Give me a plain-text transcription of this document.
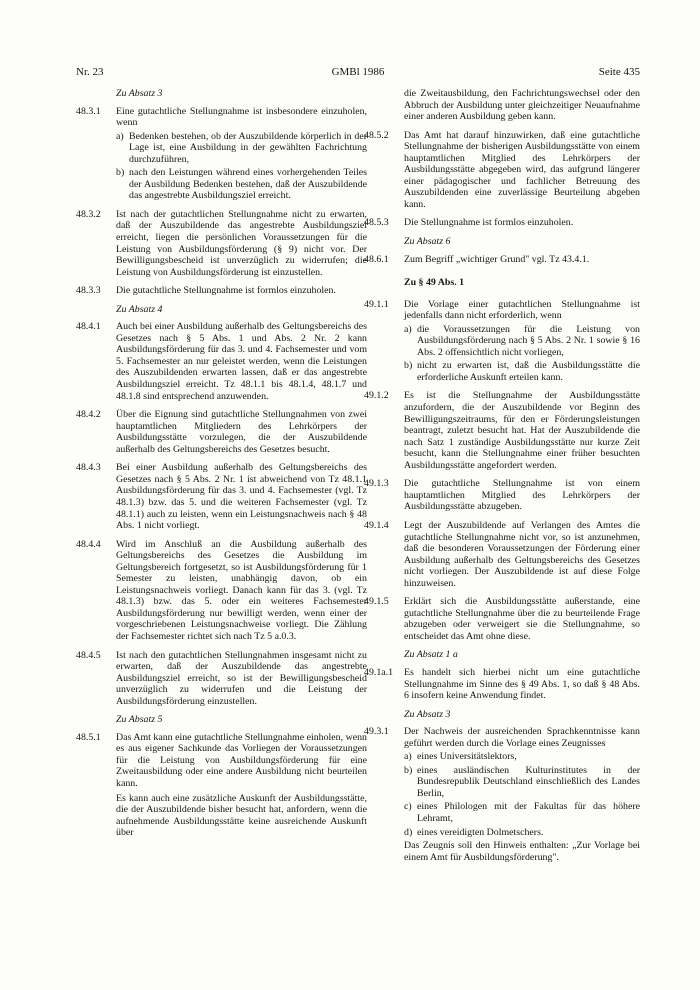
Nr. 23	GMBl 1986	Seite 435
Zu Absatz 3
48.3.1 Eine gutachtliche Stellungnahme ist insbesondere einzuholen, wenn

a) Bedenken bestehen, ob der Auszubildende körperlich in der Lage ist, eine Ausbildung in der gewählten Fachrichtung durchzuführen,
b) nach den Leistungen während eines vorhergehenden Teiles der Ausbildung Bedenken bestehen, daß der Auszubildende das angestrebte Ausbildungsziel erreicht.
48.3.2 Ist nach der gutachtlichen Stellungnahme nicht zu erwarten, daß der Auszubildende das angestrebte Ausbildungsziel erreicht, liegen die persönlichen Voraussetzungen für die Leistung von Ausbildungsförderung (§ 9) nicht vor. Der Bewilligungsbescheid ist unverzüglich zu widerrufen; die Leistung von Ausbildungsförderung ist einzustellen.

48.3.3 Die gutachtliche Stellungnahme ist formlos einzuholen.

Zu Absatz 4
48.4.1 Auch bei einer Ausbildung außerhalb des Geltungsbereichs des Gesetzes nach § 5 Abs. 1 und Abs. 2 Nr. 2 kann Ausbildungsförderung für das 3. und 4. Fachsemester und vom 5. Fachsemester an nur geleistet werden, wenn die Leistungen des Auszubildenden erwarten lassen, daß er das angestrebte Ausbildungsziel erreicht. Tz 48.1.1 bis 48.1.4, 48.1.7 und 48.1.8 sind entsprechend anzuwenden.

48.4.2 Über die Eignung sind gutachtliche Stellungnahmen von zwei hauptamtlichen Mitgliedern des Lehrkörpers der Ausbildungsstätte vorzulegen, die der Auszubildende außerhalb des Geltungsbereichs des Gesetzes besucht.

48.4.3 Bei einer Ausbildung außerhalb des Geltungsbereichs des Gesetzes nach § 5 Abs. 2 Nr. 1 ist abweichend von Tz 48.1.1 Ausbildungsförderung für das 3. und 4. Fachsemester (vgl. Tz 48.1.3) bzw. das 5. und die weiteren Fachsemester (vgl. Tz 48.1.1) auch zu leisten, wenn ein Leistungsnachweis nach § 48 Abs. 1 nicht vorliegt.

48.4.4 Wird im Anschluß an die Ausbildung außerhalb des Geltungsbereichs des Gesetzes die Ausbildung im Geltungsbereich fortgesetzt, so ist Ausbildungsförderung für 1 Semester zu leisten, unabhängig davon, ob ein Leistungsnachweis vorliegt. Danach kann für das 3. (vgl. Tz 48.1.3) bzw. das 5. oder ein weiteres Fachsemester Ausbildungsförderung nur bewilligt werden, wenn einer der vorgeschriebenen Leistungsnachweise vorliegt. Die Zählung der Fachsemester richtet sich nach Tz 5 a.0.3.

48.4.5 Ist nach den gutachtlichen Stellungnahmen insgesamt nicht zu erwarten, daß der Auszubildende das angestrebte Ausbildungsziel erreicht, so ist der Bewilligungsbescheid unverzüglich zu widerrufen und die Leistung der Ausbildungsförderung einzustellen.

Zu Absatz 5
48.5.1 Das Amt kann eine gutachtliche Stellungnahme einholen, wenn es aus eigener Sachkunde das Vorliegen der Voraussetzungen für die Leistung von Ausbildungsförderung für eine Zweitausbildung oder eine andere Ausbildung nicht beurteilen kann.

Es kann auch eine zusätzliche Auskunft der Ausbildungsstätte, die der Auszubildende bisher besucht hat, anfordern, wenn die aufnehmende Ausbildungsstätte keine ausreichende Auskunft über

die Zweitausbildung, den Fachrichtungswechsel oder den Abbruch der Ausbildung unter gleichzeitiger Neuaufnahme einer anderen Ausbildung geben kann.

48.5.2 Das Amt hat darauf hinzuwirken, daß eine gutachtliche Stellungnahme der bisherigen Ausbildungsstätte von einem hauptamtlichen Mitglied des Lehrkörpers der Ausbildungsstätte abgegeben wird, das aufgrund längerer einer pädagogischer und fachlicher Betreuung des Auszubildenden eine zuverlässige Beurteilung abgeben kann.

48.5.3 Die Stellungnahme ist formlos einzuholen.

Zu Absatz 6
48.6.1 Zum Begriff „wichtiger Grund" vgl. Tz 43.4.1.

Zu § 49 Abs. 1
49.1.1 Die Vorlage einer gutachtlichen Stellungnahme ist jedenfalls dann nicht erforderlich, wenn

a) die Voraussetzungen für die Leistung von Ausbildungsförderung nach § 5 Abs. 2 Nr. 1 sowie § 16 Abs. 2 offensichtlich nicht vorliegen,
b) nicht zu erwarten ist, daß die Ausbildungsstätte die erforderliche Auskunft erteilen kann.
49.1.2 Es ist die Stellungnahme der Ausbildungsstätte anzufordern, die der Auszubildende vor Beginn des Bewilligungszeitraums, für den er Förderungsleistungen beantragt, zuletzt besucht hat. Hat der Auszubildende die nach Satz 1 zuständige Ausbildungsstätte nur kurze Zeit besucht, kann die Stellungnahme einer früher besuchten Ausbildungsstätte angefordert werden.

49.1.3 Die gutachtliche Stellungnahme ist von einem hauptamtlichen Mitglied des Lehrkörpers der Ausbildungsstätte abzugeben.

49.1.4 Legt der Auszubildende auf Verlangen des Amtes die gutachtliche Stellungnahme nicht vor, so ist anzunehmen, daß die besonderen Voraussetzungen der Förderung einer Ausbildung außerhalb des Geltungsbereichs des Gesetzes nicht vorliegen. Der Auszubildende ist auf diese Folge hinzuweisen.

49.1.5 Erklärt sich die Ausbildungsstätte außerstande, eine gutachtliche Stellungnahme über die zu beurteilende Frage abzugeben oder verweigert sie die Stellungnahme, so entscheidet das Amt ohne diese.

Zu Absatz 1 a
49.1a.1 Es handelt sich hierbei nicht um eine gutachtliche Stellungnahme im Sinne des § 49 Abs. 1, so daß § 48 Abs. 6 insofern keine Anwendung findet.

Zu Absatz 3
49.3.1 Der Nachweis der ausreichenden Sprachkenntnisse kann geführt werden durch die Vorlage eines Zeugnisses

a) eines Universitätslektors,
b) eines ausländischen Kulturinstitutes in der Bundesrepublik Deutschland einschließlich des Landes Berlin,
c) eines Philologen mit der Fakultas für das höhere Lehramt,
d) eines vereidigten Dolmetschers.

Das Zeugnis soll den Hinweis enthalten: „Zur Vorlage bei einem Amt für Ausbildungsförderung".
